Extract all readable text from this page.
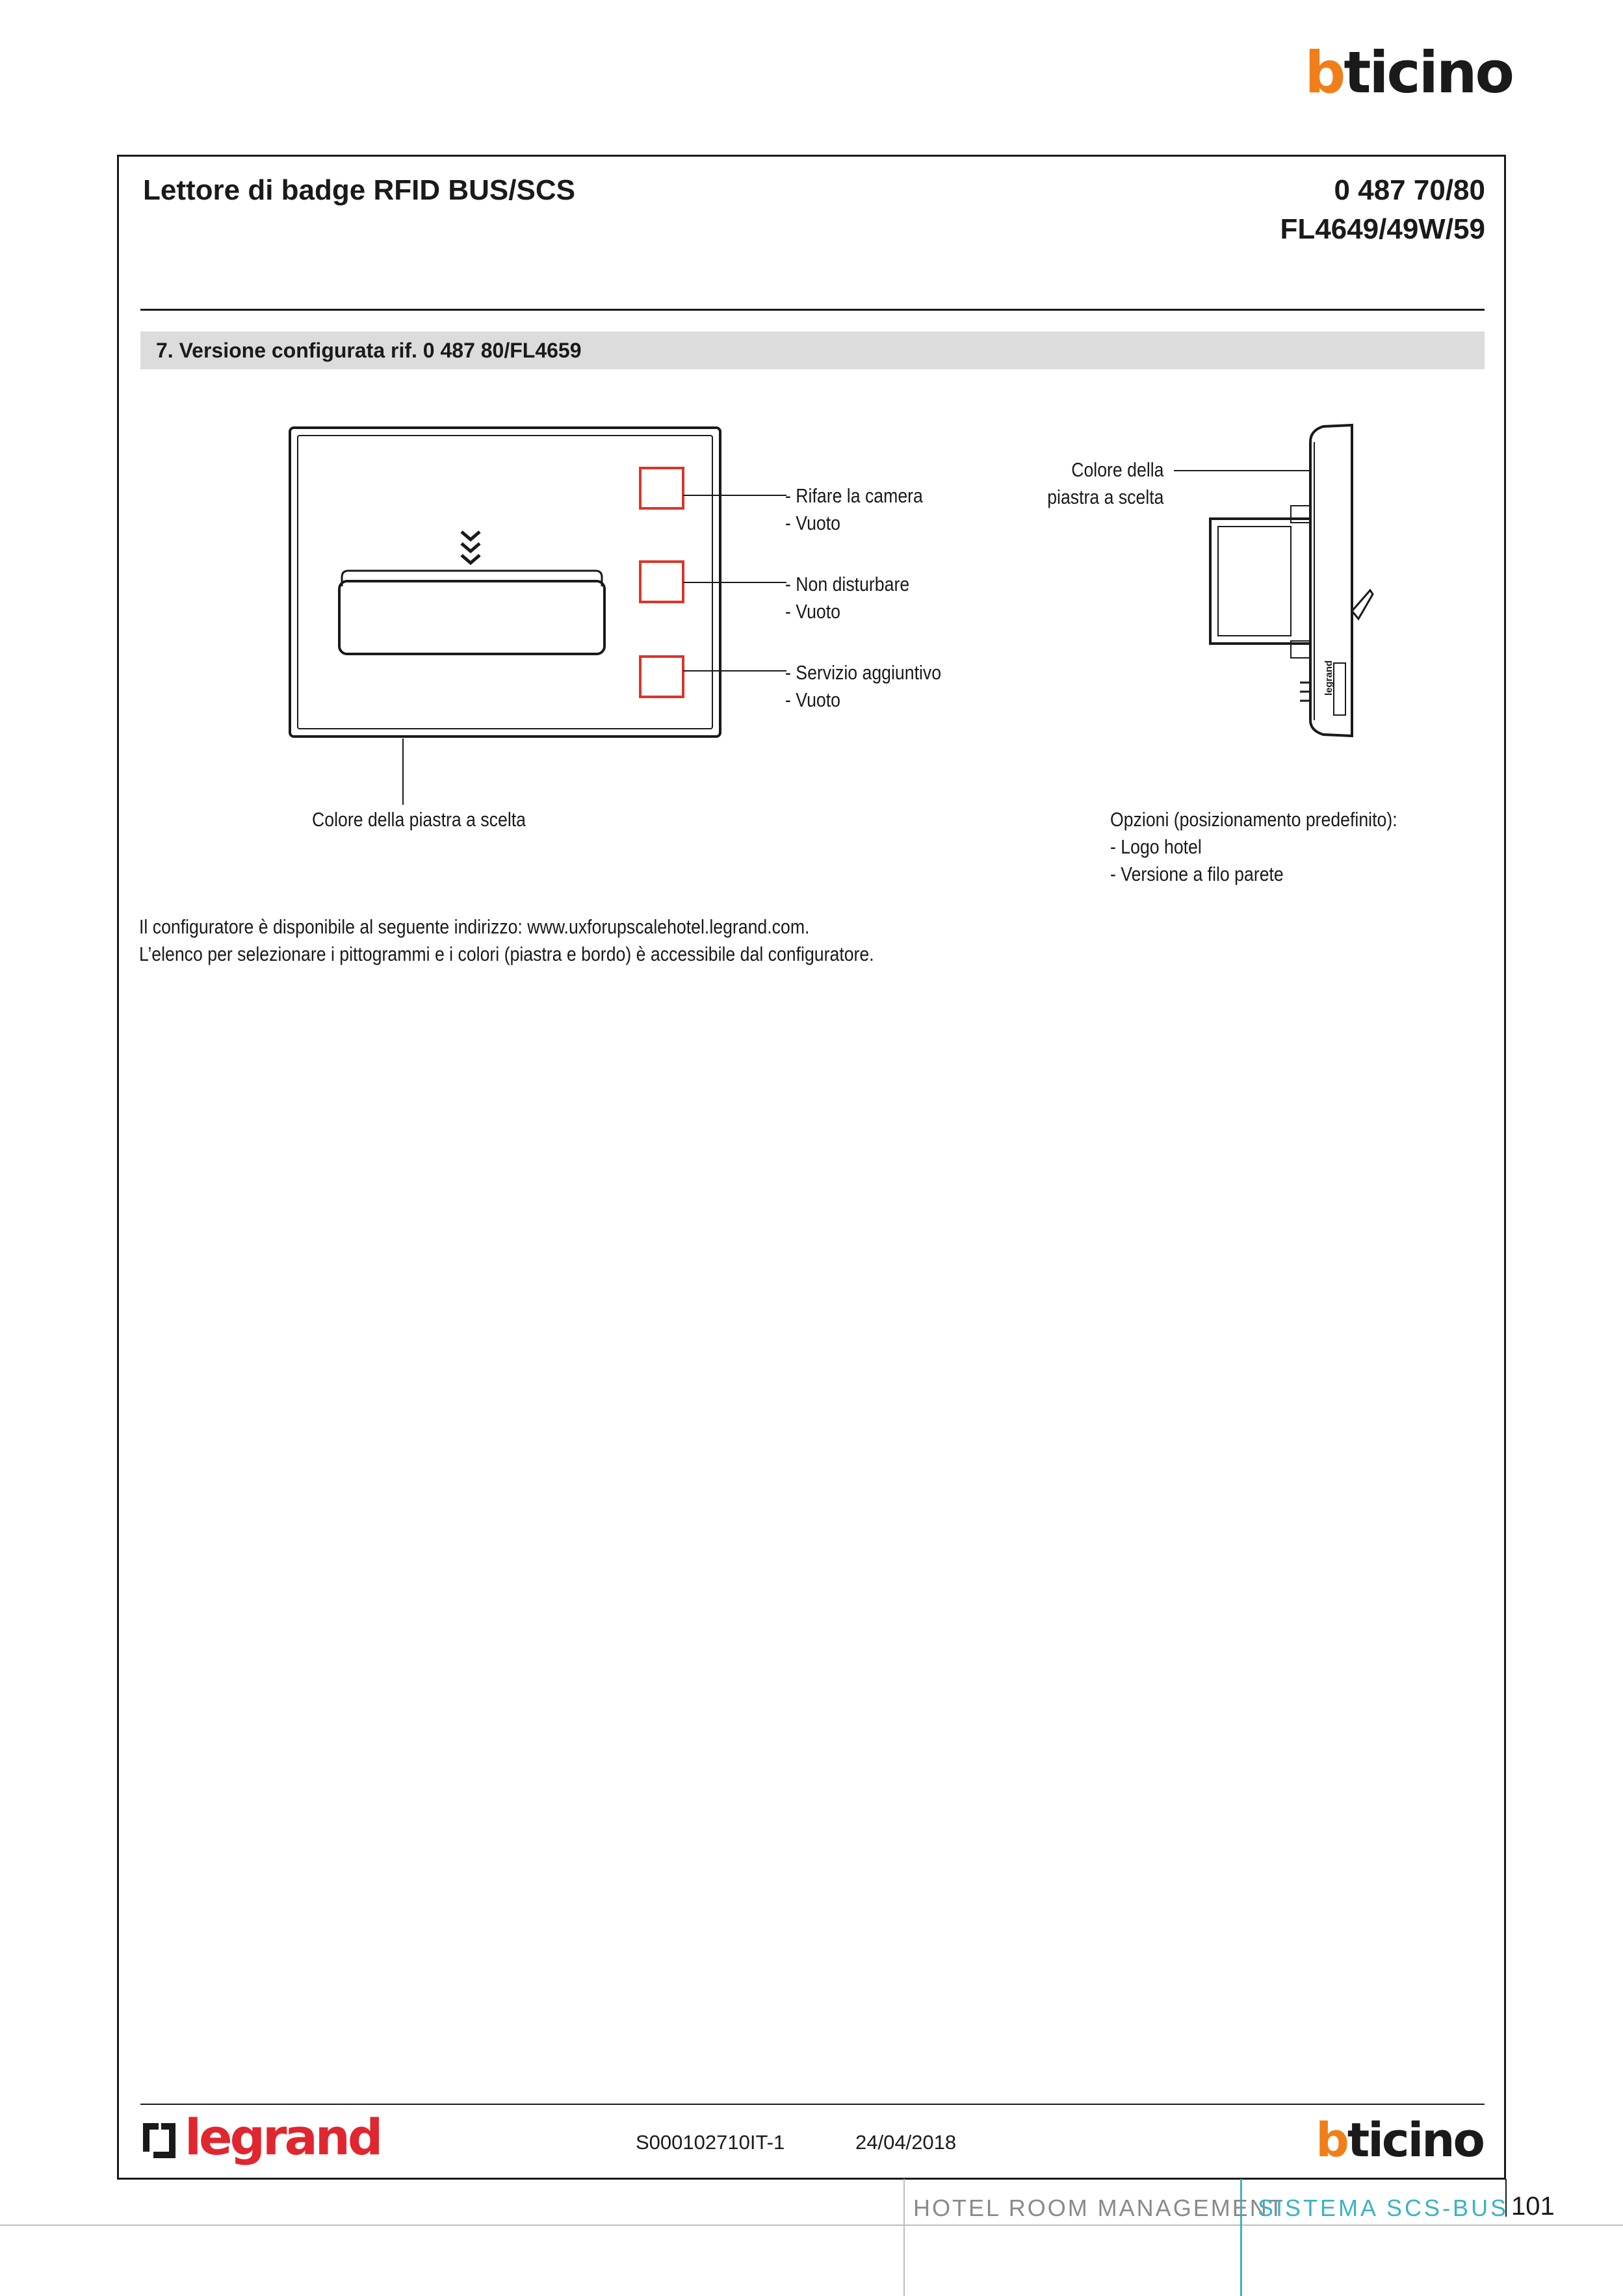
bticino
Lettore di badge RFID BUS/SCS	0 487 70/80
FL4649/49W/59
7. Versione configurata rif. 0 487 80/FL4659
- Rifare la camera
- Vuoto
- Non disturbare
- Vuoto
- Servizio aggiuntivo
- Vuoto
Colore della piastra a scelta
legrand
Colore della
piastra a scelta
Opzioni (posizionamento predefinito):
- Logo hotel
- Versione a filo parete
Il configuratore è disponibile al seguente indirizzo: www.uxforupscalehotel.legrand.com.
L’elenco per selezionare i pittogrammi e i colori (piastra e bordo) è accessibile dal configuratore.
legrand	S000102710IT-1	24/04/2018	bticino
HOTEL ROOM MANAGEMENT
SISTEMA SCS-BUS 101
